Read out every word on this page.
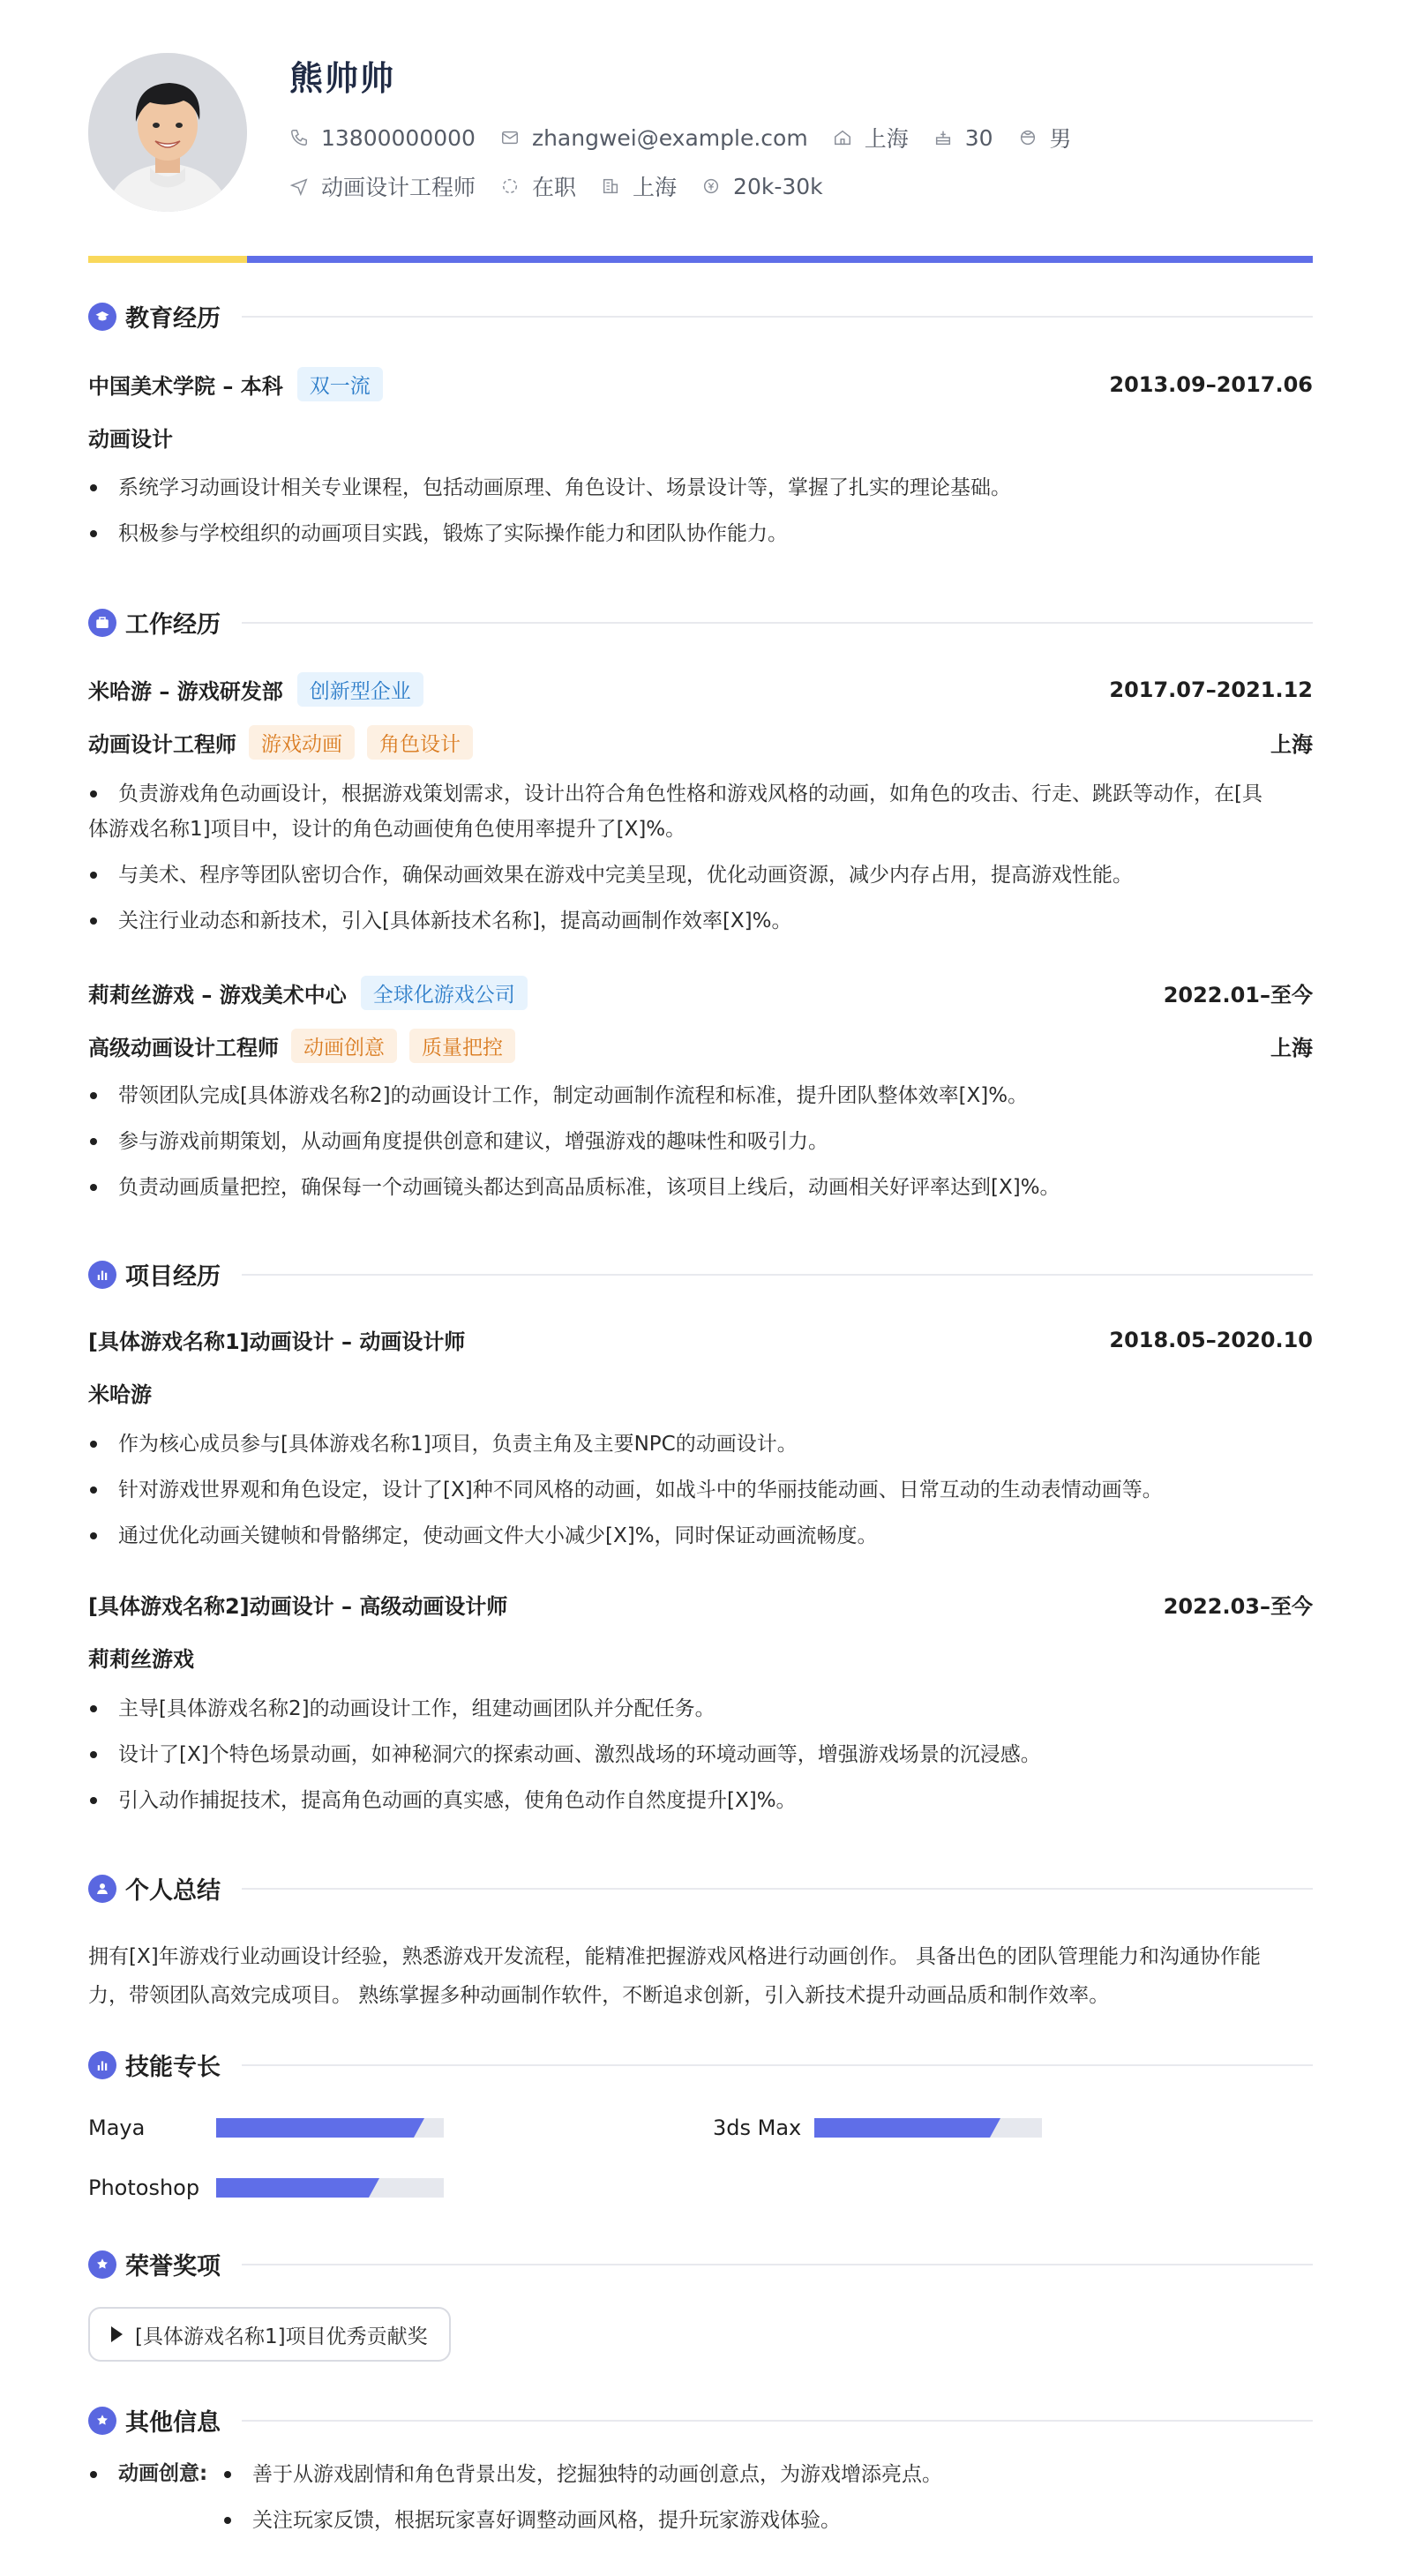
熊帅帅
13800000000	zhangwei@example.com	上海	30	男
动画设计工程师	在职	上海	20k-30k
教育经历
中国美术学院 – 本科	双一流	2013.09–2017.06
动画设计
系统学习动画设计相关专业课程，包括动画原理、角色设计、场景设计等，掌握了扎实的理论基础。
积极参与学校组织的动画项目实践，锻炼了实际操作能力和团队协作能力。
工作经历
米哈游 – 游戏研发部	创新型企业	2017.07–2021.12
动画设计工程师	游戏动画	角色设计	上海
负责游戏角色动画设计，根据游戏策划需求，设计出符合角色性格和游戏风格的动画，如角色的攻击、行走、跳跃等动作，在[具
体游戏名称1]项目中，设计的角色动画使角色使用率提升了[X]%。
与美术、程序等团队密切合作，确保动画效果在游戏中完美呈现，优化动画资源，减少内存占用，提高游戏性能。
关注行业动态和新技术，引入[具体新技术名称]，提高动画制作效率[X]%。
莉莉丝游戏 – 游戏美术中心	全球化游戏公司	2022.01–至今
高级动画设计工程师	动画创意	质量把控	上海
带领团队完成[具体游戏名称2]的动画设计工作，制定动画制作流程和标准，提升团队整体效率[X]%。
参与游戏前期策划，从动画角度提供创意和建议，增强游戏的趣味性和吸引力。
负责动画质量把控，确保每一个动画镜头都达到高品质标准，该项目上线后，动画相关好评率达到[X]%。
项目经历
[具体游戏名称1]动画设计 – 动画设计师	2018.05–2020.10
米哈游
作为核心成员参与[具体游戏名称1]项目，负责主角及主要NPC的动画设计。
针对游戏世界观和角色设定，设计了[X]种不同风格的动画，如战斗中的华丽技能动画、日常互动的生动表情动画等。
通过优化动画关键帧和骨骼绑定，使动画文件大小减少[X]%，同时保证动画流畅度。
[具体游戏名称2]动画设计 – 高级动画设计师	2022.03–至今
莉莉丝游戏
主导[具体游戏名称2]的动画设计工作，组建动画团队并分配任务。
设计了[X]个特色场景动画，如神秘洞穴的探索动画、激烈战场的环境动画等，增强游戏场景的沉浸感。
引入动作捕捉技术，提高角色动画的真实感，使角色动作自然度提升[X]%。
个人总结
拥有[X]年游戏行业动画设计经验，熟悉游戏开发流程，能精准把握游戏风格进行动画创作。 具备出色的团队管理能力和沟通协作能
力，带领团队高效完成项目。 熟练掌握多种动画制作软件，不断追求创新，引入新技术提升动画品质和制作效率。
技能专长
Maya	3ds Max
Photoshop
荣誉奖项
[具体游戏名称1]项目优秀贡献奖
其他信息
动画创意:	善于从游戏剧情和角色背景出发，挖掘独特的动画创意点，为游戏增添亮点。
关注玩家反馈，根据玩家喜好调整动画风格，提升玩家游戏体验。
